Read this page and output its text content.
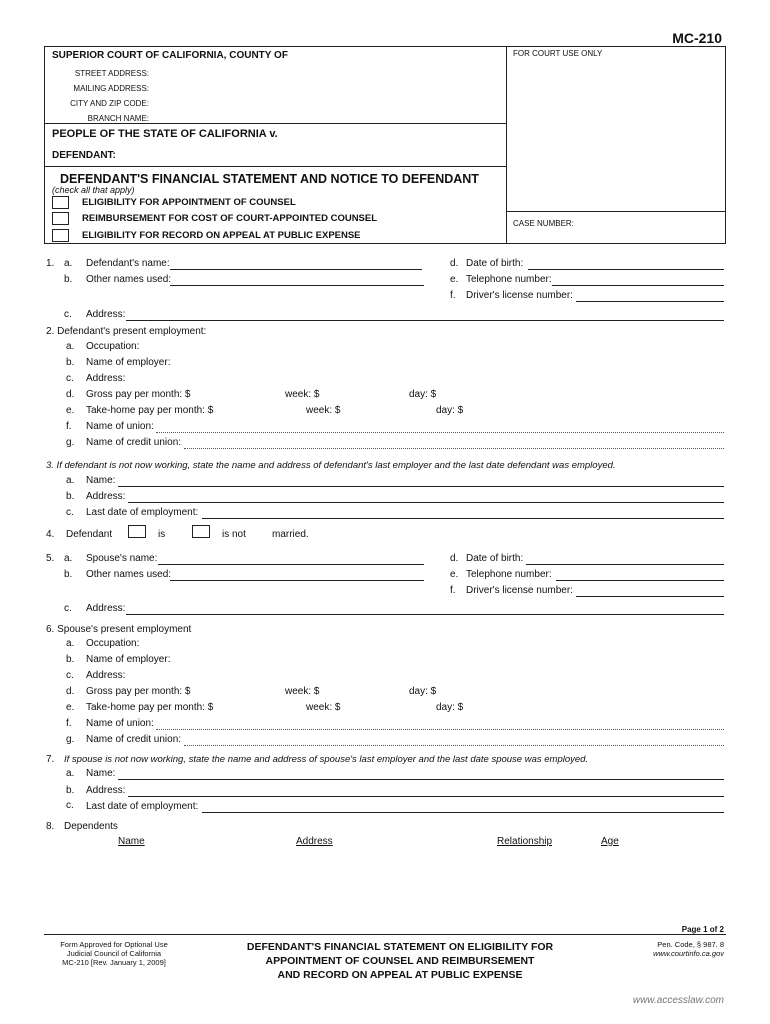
MC-210
SUPERIOR COURT OF CALIFORNIA, COUNTY OF
STREET ADDRESS:
MAILING ADDRESS:
CITY AND ZIP CODE:
BRANCH NAME:
PEOPLE OF THE STATE OF CALIFORNIA v.
DEFENDANT:
DEFENDANT'S FINANCIAL STATEMENT AND NOTICE TO DEFENDANT
(check all that apply)
ELIGIBILITY FOR APPOINTMENT OF COUNSEL
REIMBURSEMENT FOR COST OF COURT-APPOINTED COUNSEL
ELIGIBILITY FOR RECORD ON APPEAL AT PUBLIC EXPENSE
FOR COURT USE ONLY
CASE NUMBER:
1. a. Defendant's name:
b. Other names used:
d. Date of birth:
e. Telephone number:
f. Driver's license number:
c. Address:
2. Defendant's present employment:
a. Occupation:
b. Name of employer:
c. Address:
d. Gross pay per month: $	week: $	day: $
e. Take-home pay per month: $	week: $	day: $
f. Name of union:
g. Name of credit union:
3. If defendant is not now working, state the name and address of defendant's last employer and the last date defendant was employed.
a. Name:
b. Address:
c. Last date of employment:
4. Defendant	is	is not	married.
5. a. Spouse's name:
b. Other names used:
d. Date of birth:
e. Telephone number:
f. Driver's license number:
c. Address:
6. Spouse's present employment
a. Occupation:
b. Name of employer:
c. Address:
d. Gross pay per month: $	week: $	day: $
e. Take-home pay per month: $	week: $	day: $
f. Name of union:
g. Name of credit union:
7. If spouse is not now working, state the name and address of spouse's last employer and the last date spouse was employed.
a. Name:
b. Address:
c. Last date of employment:
8. Dependents
Name	Address	Relationship	Age
Page 1 of 2
Form Approved for Optional Use
Judicial Council of California
MC-210 [Rev. January 1, 2009]
DEFENDANT'S FINANCIAL STATEMENT ON ELIGIBILITY FOR
APPOINTMENT OF COUNSEL AND REIMBURSEMENT
AND RECORD ON APPEAL AT PUBLIC EXPENSE
Pen. Code, § 987. 8
www.courtinfo.ca.gov
www.accesslaw.com
